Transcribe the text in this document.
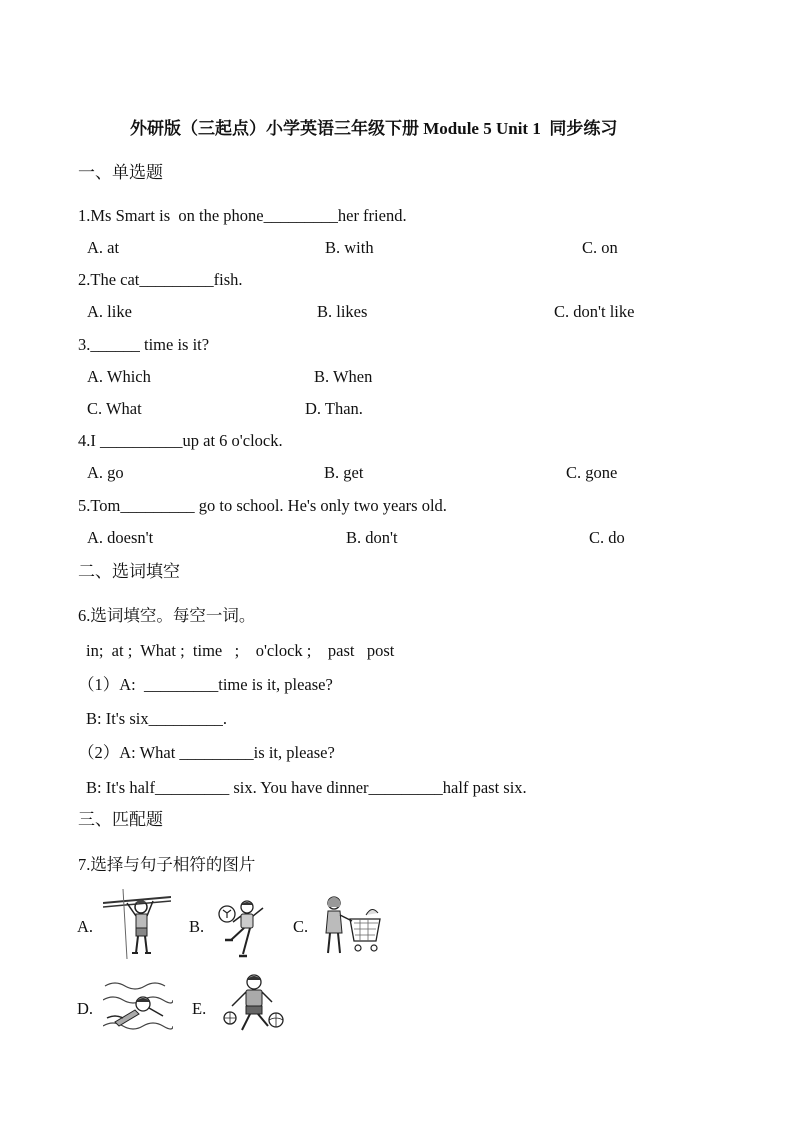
外研版（三起点）小学英语三年级下册 Module 5 Unit 1  同步练习
一、单选题
1.Ms Smart is  on the phone_________her friend.
A. at	B. with	C. on
2.The cat_________fish.
A. like	B. likes	C. don't like
3.______ time is it?
A. Which	B. When
C. What	D. Than.
4.I __________up at 6 o'clock.
A. go	B. get	C. gone
5.Tom_________ go to school. He's only two years old.
A. doesn't	B. don't	C. do
二、选词填空
6.选词填空。每空一词。
in;  at ;  What ;  time   ;    o'clock ;    past   post
（1）A:  _________time is it, please?
B: It's six_________.
（2）A: What _________is it, please?
B: It's half_________ six. You have dinner_________half past six.
三、匹配题
7.选择与句子相符的图片
A.	B.	C.
D.	E.
